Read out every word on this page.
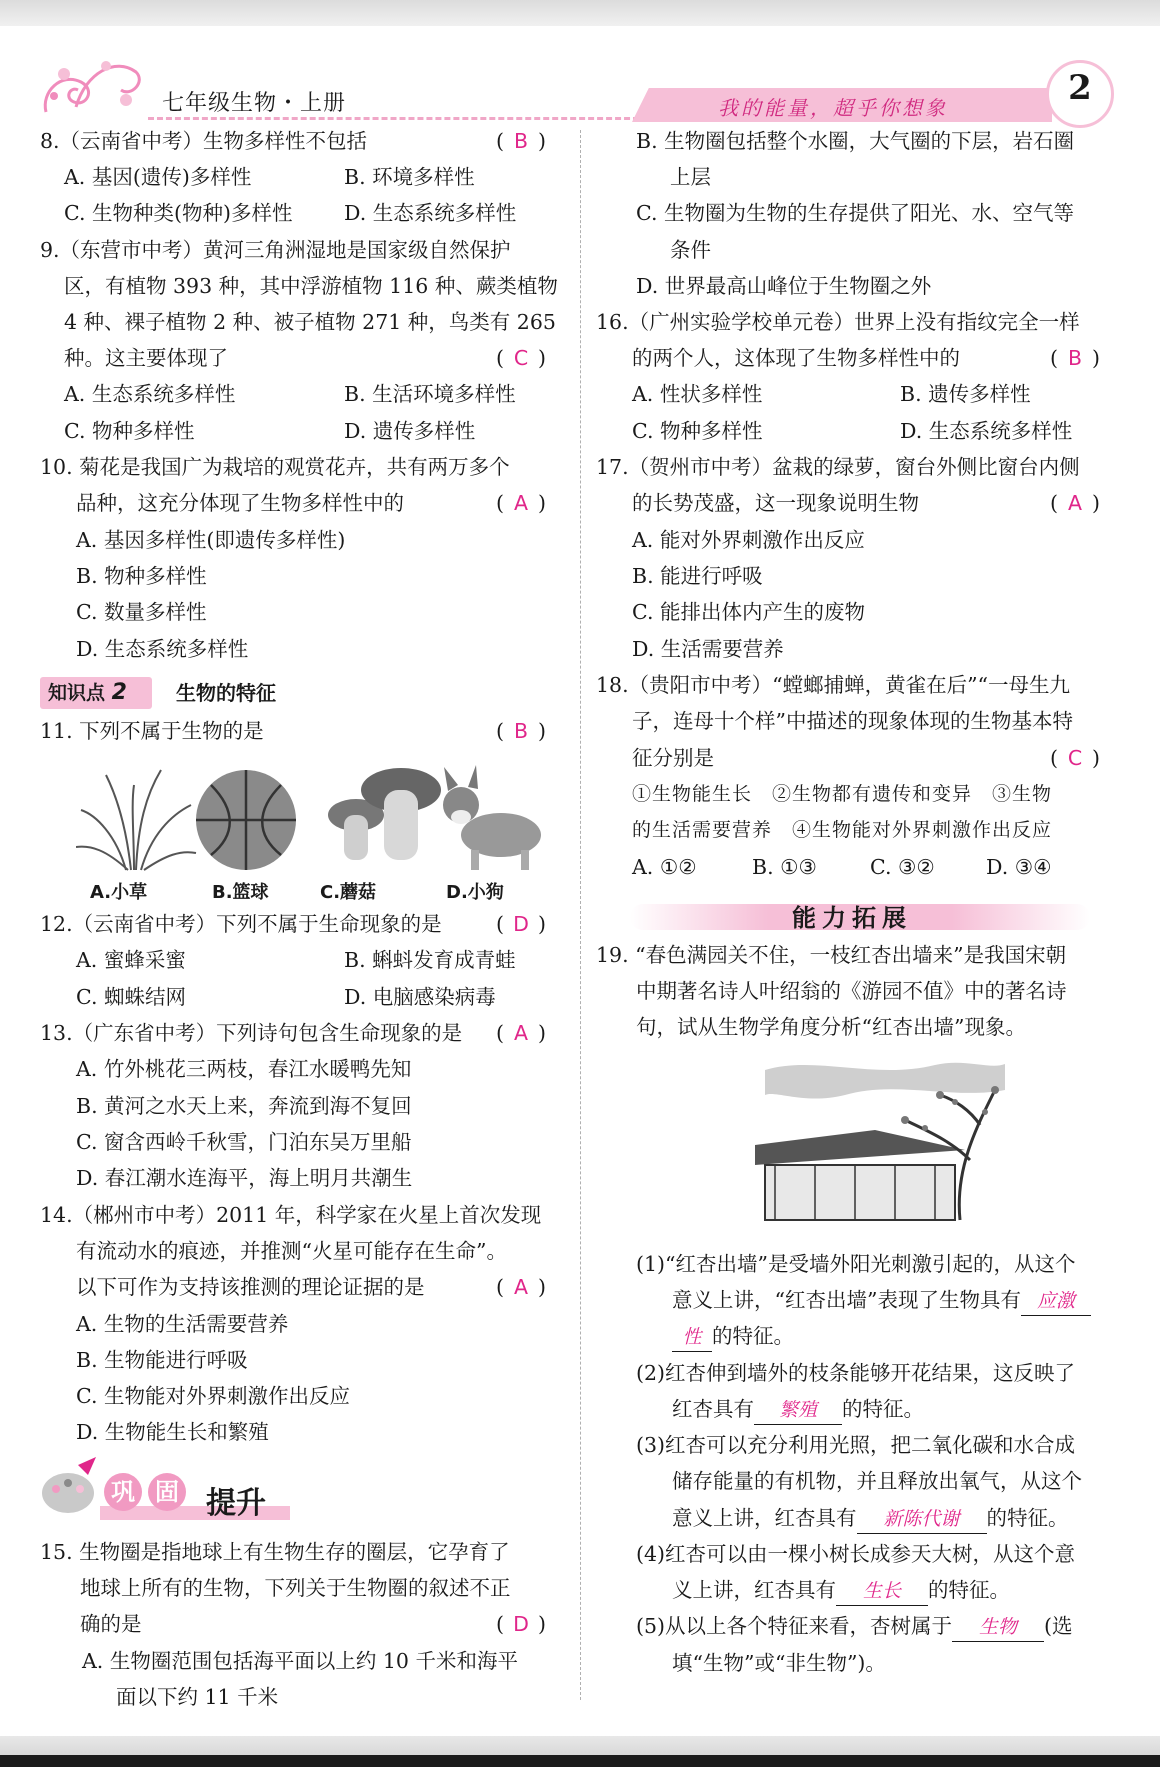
七年级生物・上册	我的能量，超乎你想象	2
8.（云南省中考）生物多样性不包括	( B )
A. 基因(遗传)多样性	B. 环境多样性
C. 生物种类(物种)多样性	D. 生态系统多样性
9.（东营市中考）黄河三角洲湿地是国家级自然保护
区，有植物 393 种，其中浮游植物 116 种、蕨类植物
4 种、裸子植物 2 种、被子植物 271 种，鸟类有 265
种。这主要体现了	( C )
A. 生态系统多样性	B. 生活环境多样性
C. 物种多样性	D. 遗传多样性
10. 菊花是我国广为栽培的观赏花卉，共有两万多个
品种，这充分体现了生物多样性中的	( A )
A. 基因多样性(即遗传多样性)
B. 物种多样性
C. 数量多样性
D. 生态系统多样性
知识点 2	生物的特征
11. 下列不属于生物的是	( B )
A.小草	B.篮球	C.蘑菇	D.小狗
12.（云南省中考）下列不属于生命现象的是	( D )
A. 蜜蜂采蜜	B. 蝌蚪发育成青蛙
C. 蜘蛛结网	D. 电脑感染病毒
13.（广东省中考）下列诗句包含生命现象的是 ( A )
A. 竹外桃花三两枝，春江水暖鸭先知
B. 黄河之水天上来，奔流到海不复回
C. 窗含西岭千秋雪，门泊东吴万里船
D. 春江潮水连海平，海上明月共潮生
14.（郴州市中考）2011 年，科学家在火星上首次发现
有流动水的痕迹，并推测“火星可能存在生命”。
以下可作为支持该推测的理论证据的是	( A )
A. 生物的生活需要营养
B. 生物能进行呼吸
C. 生物能对外界刺激作出反应
D. 生物能生长和繁殖
巩 固 提升
15. 生物圈是指地球上有生物生存的圈层，它孕育了
地球上所有的生物，下列关于生物圈的叙述不正
确的是	( D )
A. 生物圈范围包括海平面以上约 10 千米和海平
面以下约 11 千米
B. 生物圈包括整个水圈，大气圈的下层，岩石圈
上层
C. 生物圈为生物的生存提供了阳光、水、空气等
条件
D. 世界最高山峰位于生物圈之外
16.（广州实验学校单元卷）世界上没有指纹完全一样
的两个人，这体现了生物多样性中的	( B )
A. 性状多样性	B. 遗传多样性
C. 物种多样性	D. 生态系统多样性
17.（贺州市中考）盆栽的绿萝，窗台外侧比窗台内侧
的长势茂盛，这一现象说明生物	( A )
A. 能对外界刺激作出反应
B. 能进行呼吸
C. 能排出体内产生的废物
D. 生活需要营养
18.（贵阳市中考）“螳螂捕蝉，黄雀在后”“一母生九
子，连母十个样”中描述的现象体现的生物基本特
征分别是	( C )
①生物能生长　②生物都有遗传和变异　③生物
的生活需要营养　④生物能对外界刺激作出反应
A. ①②	B. ①③	C. ③②	D. ③④
能力拓展
19. “春色满园关不住，一枝红杏出墙来”是我国宋朝
中期著名诗人叶绍翁的《游园不值》中的著名诗
句，试从生物学角度分析“红杏出墙”现象。
(1)“红杏出墙”是受墙外阳光刺激引起的，从这个
意义上讲，“红杏出墙”表现了生物具有 应激
性 的特征。
(2)红杏伸到墙外的枝条能够开花结果，这反映了
红杏具有 繁殖 的特征。
(3)红杏可以充分利用光照，把二氧化碳和水合成
储存能量的有机物，并且释放出氧气，从这个
意义上讲，红杏具有 新陈代谢 的特征。
(4)红杏可以由一棵小树长成参天大树，从这个意
义上讲，红杏具有 生长 的特征。
(5)从以上各个特征来看，杏树属于 生物 (选
填“生物”或“非生物”)。
